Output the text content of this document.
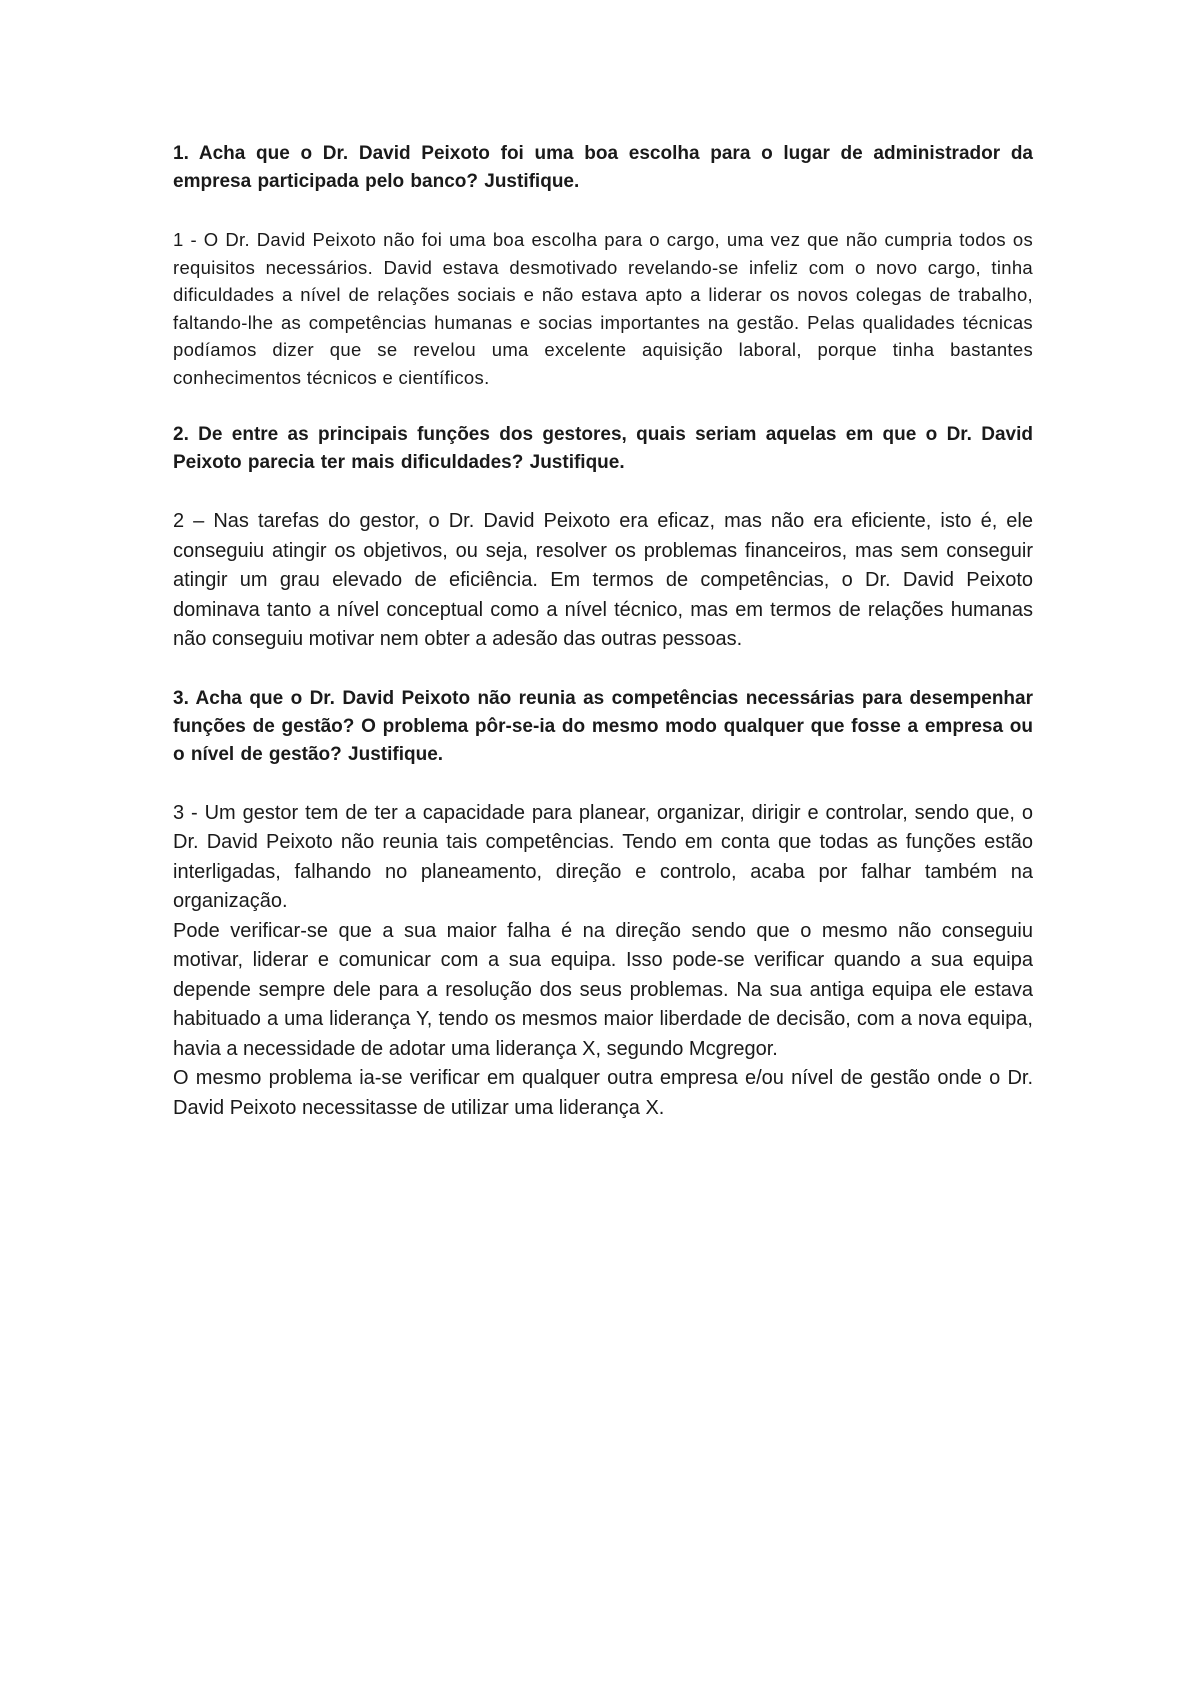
1. Acha que o Dr. David Peixoto foi uma boa escolha para o lugar de administrador da empresa participada pelo banco? Justifique.

1 - O Dr. David Peixoto não foi uma boa escolha para o cargo, uma vez que não cumpria todos os requisitos necessários. David estava desmotivado revelando-se infeliz com o novo cargo, tinha dificuldades a nível de relações sociais e não estava apto a liderar os novos colegas de trabalho, faltando-lhe as competências humanas e socias importantes na gestão. Pelas qualidades técnicas podíamos dizer que se revelou uma excelente aquisição laboral, porque tinha bastantes conhecimentos técnicos e científicos.

2. De entre as principais funções dos gestores, quais seriam aquelas em que o Dr. David Peixoto parecia ter mais dificuldades? Justifique.

2 – Nas tarefas do gestor, o Dr. David Peixoto era eficaz, mas não era eficiente, isto é, ele conseguiu atingir os objetivos, ou seja, resolver os problemas financeiros, mas sem conseguir atingir um grau elevado de eficiência. Em termos de competências, o Dr. David Peixoto dominava tanto a nível conceptual como a nível técnico, mas em termos de relações humanas não conseguiu motivar nem obter a adesão das outras pessoas.

3. Acha que o Dr. David Peixoto não reunia as competências necessárias para desempenhar funções de gestão? O problema pôr-se-ia do mesmo modo qualquer que fosse a empresa ou o nível de gestão? Justifique.

3 - Um gestor tem de ter a capacidade para planear, organizar, dirigir e controlar, sendo que, o Dr. David Peixoto não reunia tais competências. Tendo em conta que todas as funções estão interligadas, falhando no planeamento, direção e controlo, acaba por falhar também na organização.

Pode verificar-se que a sua maior falha é na direção sendo que o mesmo não conseguiu motivar, liderar e comunicar com a sua equipa. Isso pode-se verificar quando a sua equipa depende sempre dele para a resolução dos seus problemas. Na sua antiga equipa ele estava habituado a uma liderança Y, tendo os mesmos maior liberdade de decisão, com a nova equipa, havia a necessidade de adotar uma liderança X, segundo Mcgregor.

O mesmo problema ia-se verificar em qualquer outra empresa e/ou nível de gestão onde o Dr. David Peixoto necessitasse de utilizar uma liderança X.
